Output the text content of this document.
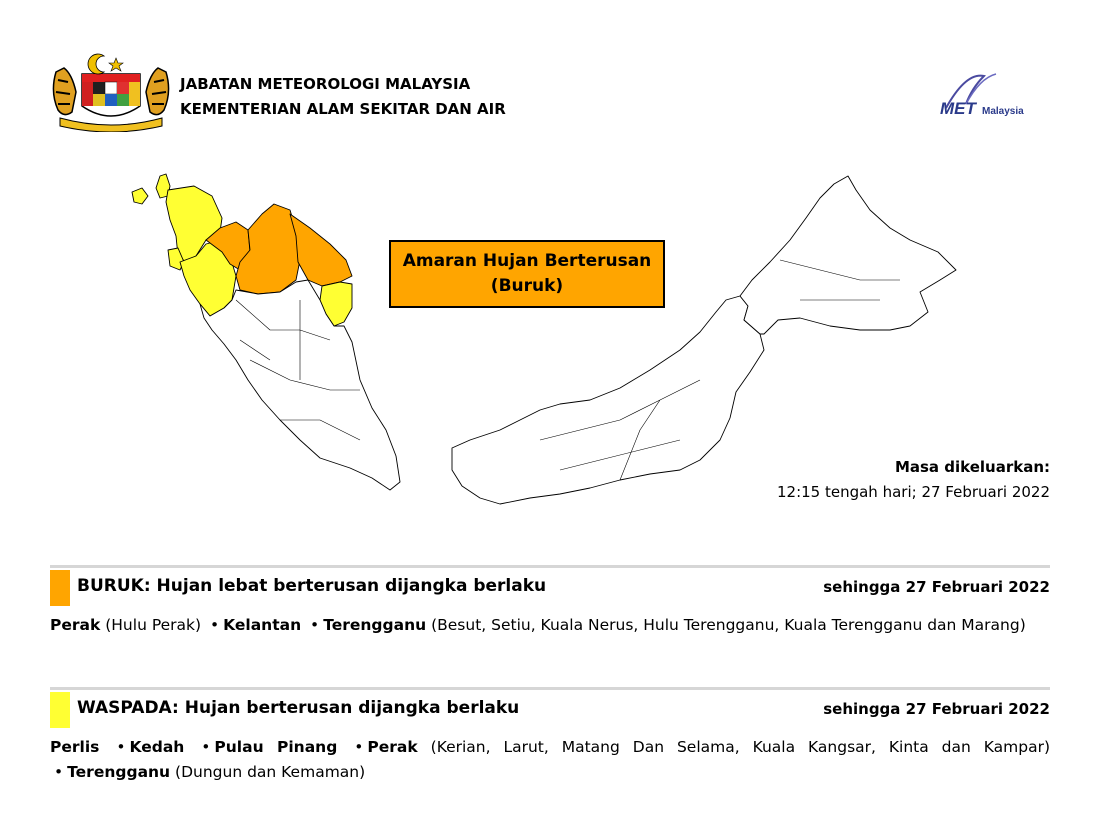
JABATAN METEOROLOGI MALAYSIA
KEMENTERIAN ALAM SEKITAR DAN AIR	MET Malaysia
Amaran Hujan Berterusan
(Buruk)
Masa dikeluarkan:
12:15 tengah hari; 27 Februari 2022
BURUK: Hujan lebat berterusan dijangka berlaku	sehingga 27 Februari 2022
Perak (Hulu Perak) • Kelantan • Terengganu (Besut, Setiu, Kuala Nerus, Hulu Terengganu, Kuala Terengganu dan Marang)
WASPADA: Hujan berterusan dijangka berlaku	sehingga 27 Februari 2022
Perlis • Kedah • Pulau Pinang • Perak (Kerian, Larut, Matang Dan Selama, Kuala Kangsar, Kinta dan Kampar) • Terengganu (Dungun dan Kemaman)
